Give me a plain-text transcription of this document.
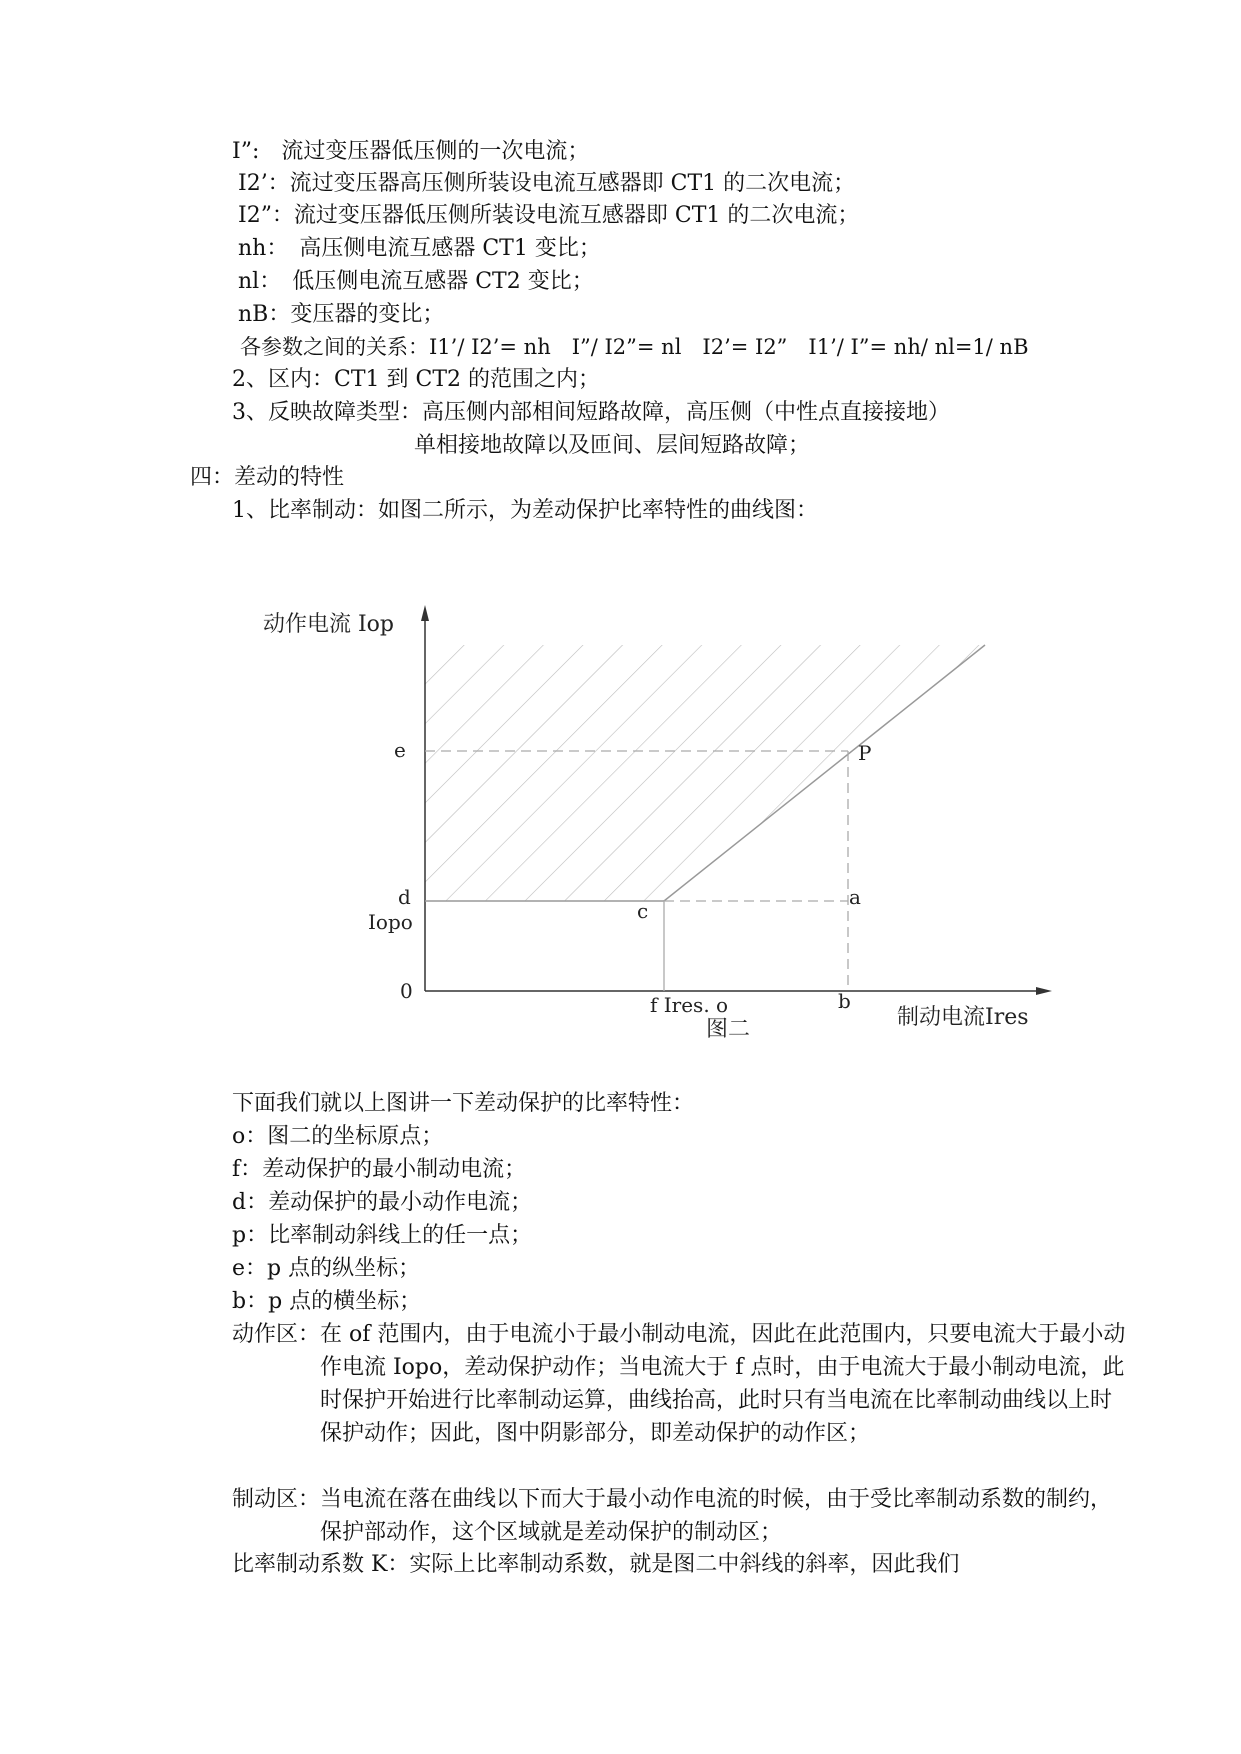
I”:　流过变压器低压侧的一次电流；
I2’：流过变压器高压侧所装设电流互感器即 CT1 的二次电流；
I2”：流过变压器低压侧所装设电流互感器即 CT1 的二次电流；
nh：　高压侧电流互感器 CT1 变比；
nl：　低压侧电流互感器 CT2 变比；
nB：变压器的变比；
各参数之间的关系：I1’/ I2’= nh　I”/ I2”= nl　I2’= I2”　I1’/ I”= nh/ nl=1/ nB
2、区内：CT1 到 CT2 的范围之内；
3、反映故障类型：高压侧内部相间短路故障，高压侧（中性点直接接地）
单相接地故障以及匝间、层间短路故障；
四：差动的特性
1、比率制动：如图二所示，为差动保护比率特性的曲线图：
动作电流 Iop
制动电流Ires
0
e	P
d
Iopo	c
a
f Ires. o	b
图二
下面我们就以上图讲一下差动保护的比率特性：
o：图二的坐标原点；
f：差动保护的最小制动电流；
d：差动保护的最小动作电流；
p：比率制动斜线上的任一点；
e：p 点的纵坐标；
b：p 点的横坐标；
动作区：在 of 范围内，由于电流小于最小制动电流，因此在此范围内，只要电流大于最小动作电流 Iopo，差动保护动作；当电流大于 f 点时，由于电流大于最小制动电流，此时保护开始进行比率制动运算，曲线抬高，此时只有当电流在比率制动曲线以上时保护动作；因此，图中阴影部分，即差动保护的动作区；
制动区：当电流在落在曲线以下而大于最小动作电流的时候，由于受比率制动系数的制约，保护部动作，这个区域就是差动保护的制动区；
比率制动系数 K：实际上比率制动系数，就是图二中斜线的斜率，因此我们
